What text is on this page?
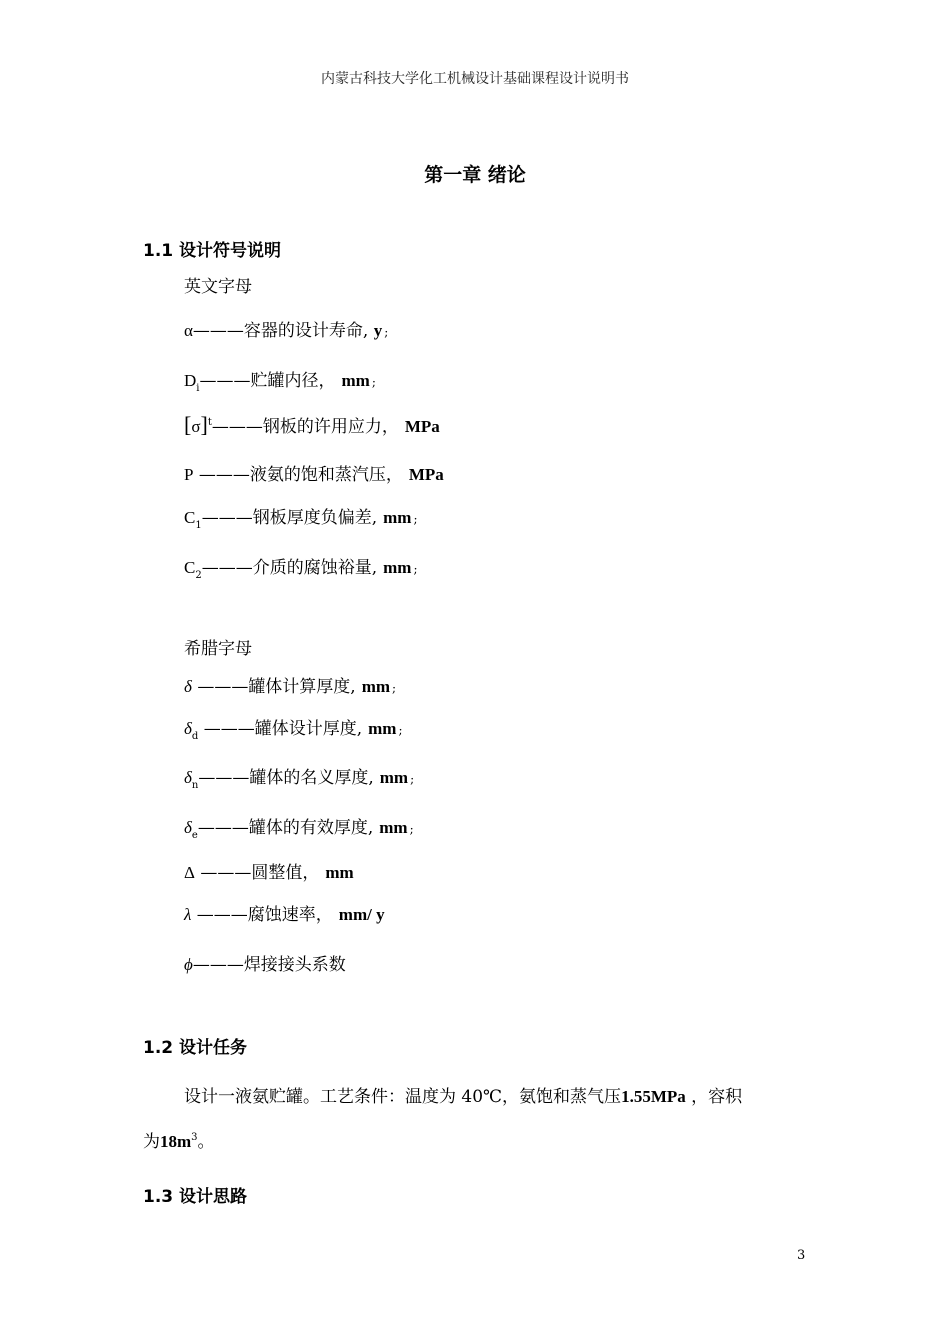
内蒙古科技大学化工机械设计基础课程设计说明书
第一章 绪论
1.1 设计符号说明
英文字母
α———容器的设计寿命, y ;
$D_i———$贮罐内径， mm ;
$[\sigma]^t———$钢板的许用应力， MPa
P ———液氨的饱和蒸汽压， MPa
$C_1———$钢板厚度负偏差, mm ;
$C_2———$介质的腐蚀裕量, mm ;
希腊字母
δ ———罐体计算厚度, mm ;
$\delta_d$ ———罐体设计厚度, mm ;
$\delta_n———$罐体的名义厚度, mm ;
$\delta_e———$罐体的有效厚度, mm ;
Δ ———圆整值， mm
λ ———腐蚀速率， mm/ y
ϕ———焊接接头系数
1.2 设计任务
设计一液氨贮罐。工艺条件：温度为 40℃，氨饱和蒸气压1.55MPa ，容积
为$18m^3$。
1.3 设计思路
3
